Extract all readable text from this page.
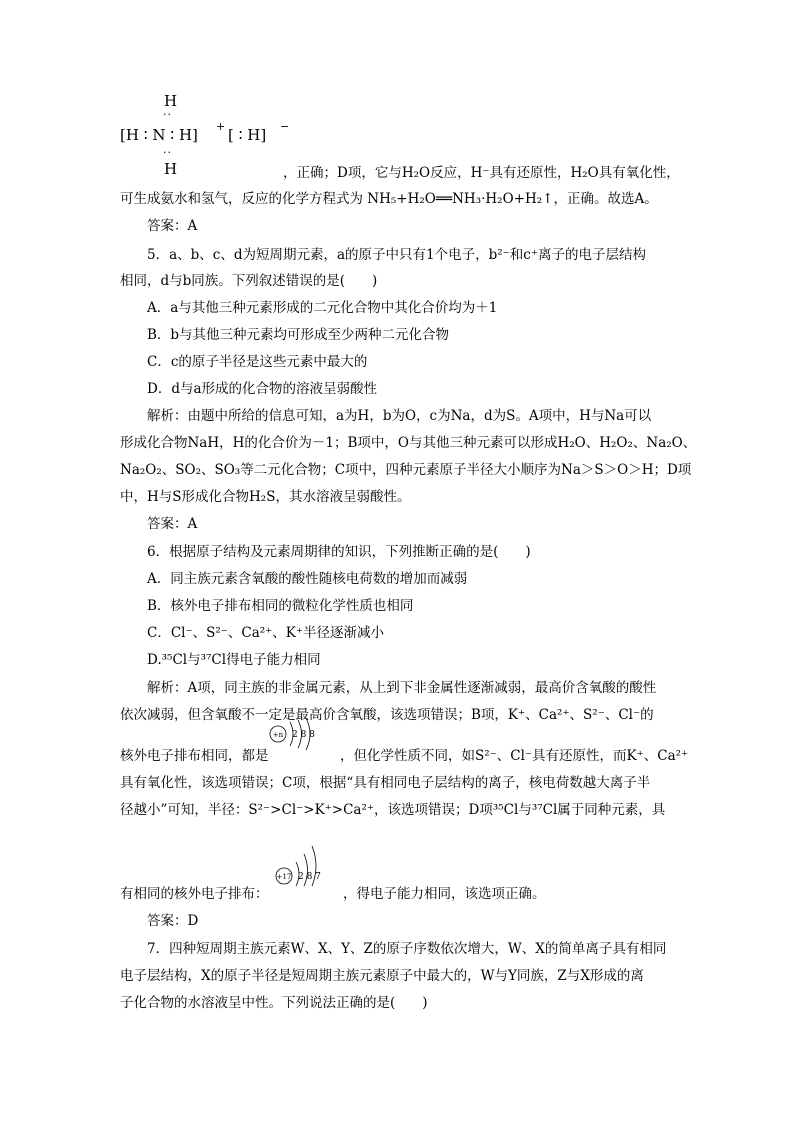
H
··
[H ∶ N ∶ H] + [ ∶ H] −
··
H	，正确；D项，它与H₂O反应，H⁻具有还原性，H₂O具有氧化性，
可生成氨水和氢气，反应的化学方程式为 NH₅+H₂O══NH₃·H₂O+H₂↑，正确。故选A。
答案：A
5．a、b、c、d为短周期元素，a的原子中只有1个电子，b²⁻和c⁺离子的电子层结构
相同，d与b同族。下列叙述错误的是(　　)
A．a与其他三种元素形成的二元化合物中其化合价均为＋1
B．b与其他三种元素均可形成至少两种二元化合物
C．c的原子半径是这些元素中最大的
D．d与a形成的化合物的溶液呈弱酸性
解析：由题中所给的信息可知，a为H，b为O，c为Na，d为S。A项中，H与Na可以
形成化合物NaH，H的化合价为－1；B项中，O与其他三种元素可以形成H₂O、H₂O₂、Na₂O、
Na₂O₂、SO₂、SO₃等二元化合物；C项中，四种元素原子半径大小顺序为Na＞S＞O＞H；D项
中，H与S形成化合物H₂S，其水溶液呈弱酸性。
答案：A
6．根据原子结构及元素周期律的知识，下列推断正确的是(　　)
A．同主族元素含氧酸的酸性随核电荷数的增加而减弱
B．核外电子排布相同的微粒化学性质也相同
C．Cl⁻、S²⁻、Ca²⁺、K⁺半径逐渐减小
D.³⁵Cl与³⁷Cl得电子能力相同
解析：A项，同主族的非金属元素，从上到下非金属性逐渐减弱，最高价含氧酸的酸性
依次减弱，但含氧酸不一定是最高价含氧酸，该选项错误；B项，K⁺、Ca²⁺、S²⁻、Cl⁻的
+n 2 8 8
核外电子排布相同，都是	，但化学性质不同，如S²⁻、Cl⁻具有还原性，而K⁺、Ca²⁺
具有氧化性，该选项错误；C项，根据“具有相同电子层结构的离子，核电荷数越大离子半
径越小”可知，半径：S²⁻>Cl⁻>K⁺>Ca²⁺，该选项错误；D项³⁵Cl与³⁷Cl属于同种元素，具
+17 2 8 7
有相同的核外电子排布：	，得电子能力相同，该选项正确。
答案：D
7．四种短周期主族元素W、X、Y、Z的原子序数依次增大，W、X的简单离子具有相同
电子层结构，X的原子半径是短周期主族元素原子中最大的，W与Y同族，Z与X形成的离
子化合物的水溶液呈中性。下列说法正确的是(　　)
